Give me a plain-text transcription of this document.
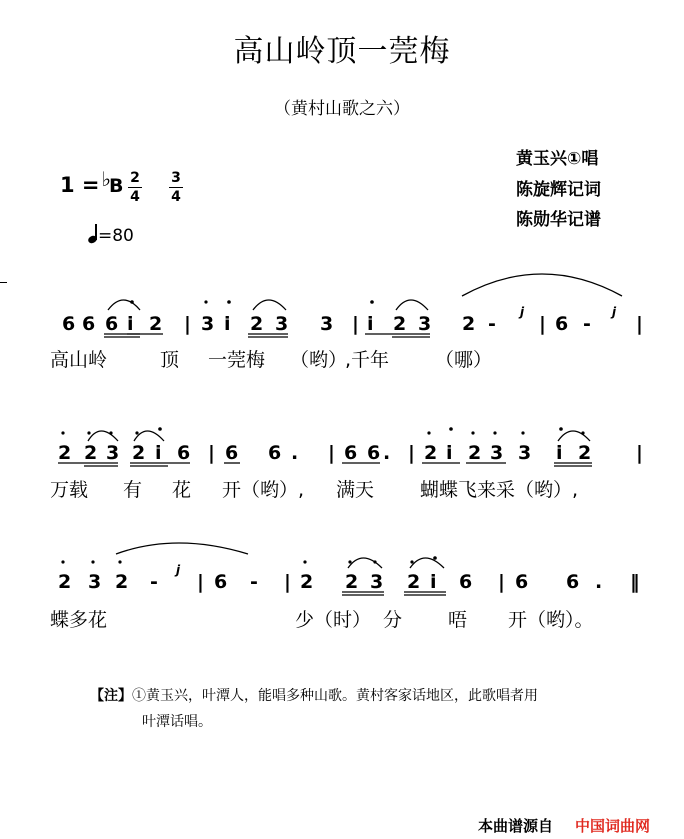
高山岭顶一莞梅
（黄村山歌之六）
黄玉兴①唱
陈旋辉记词
陈勋华记谱
1 = ♭B 2
4
3
4
=80
6 6 6 i 2 | 3 i 2 3 3 | i 2 3 2 -
j
| 6 -
j
|
2 2 3 2 i 6 | 6 6 . | 6 6 . | 2 i 2 3 3 i 2 |
2 3 2 -
j
| 6 - | 2 2 3 2 i 6 | 6 6 . ‖
高山岭	顶 一莞梅 （哟）
,千年 （哪）
万载 有 花 开（哟）, 满天 蝴蝶飞来采（哟）,
蝶多花	少（时） 分 唔 开（哟）。
【注】①黄玉兴，叶潭人，能唱多种山歌。黄村客家话地区，此歌唱者用
叶潭话唱。
本曲谱源自 中国词曲网
